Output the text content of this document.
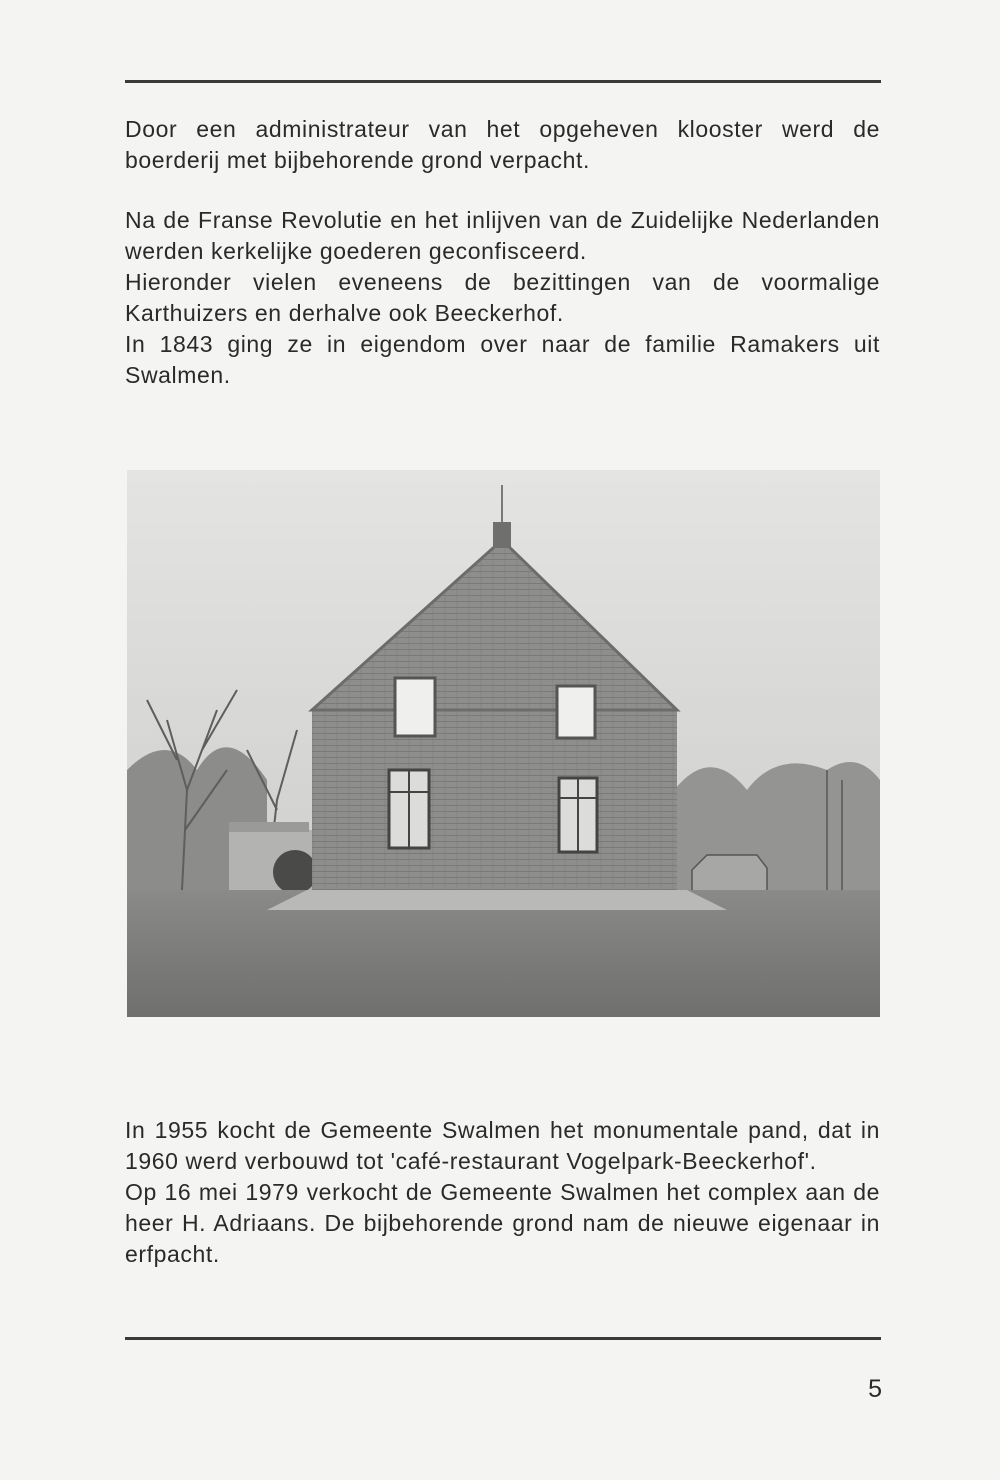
Door een administrateur van het opgeheven klooster werd de boerderij met bijbehorende grond verpacht.

Na de Franse Revolutie en het inlijven van de Zuidelijke Nederlanden werden kerkelijke goederen geconfisceerd.

Hieronder vielen eveneens de bezittingen van de voormalige Karthuizers en derhalve ook Beeckerhof.

In 1843 ging ze in eigendom over naar de familie Ramakers uit Swalmen.

In 1955 kocht de Gemeente Swalmen het monumentale pand, dat in 1960 werd verbouwd tot 'café-restaurant Vogelpark-Beeckerhof'.

Op 16 mei 1979 verkocht de Gemeente Swalmen het complex aan de heer H. Adriaans. De bijbehorende grond nam de nieuwe eigenaar in erfpacht.

5
